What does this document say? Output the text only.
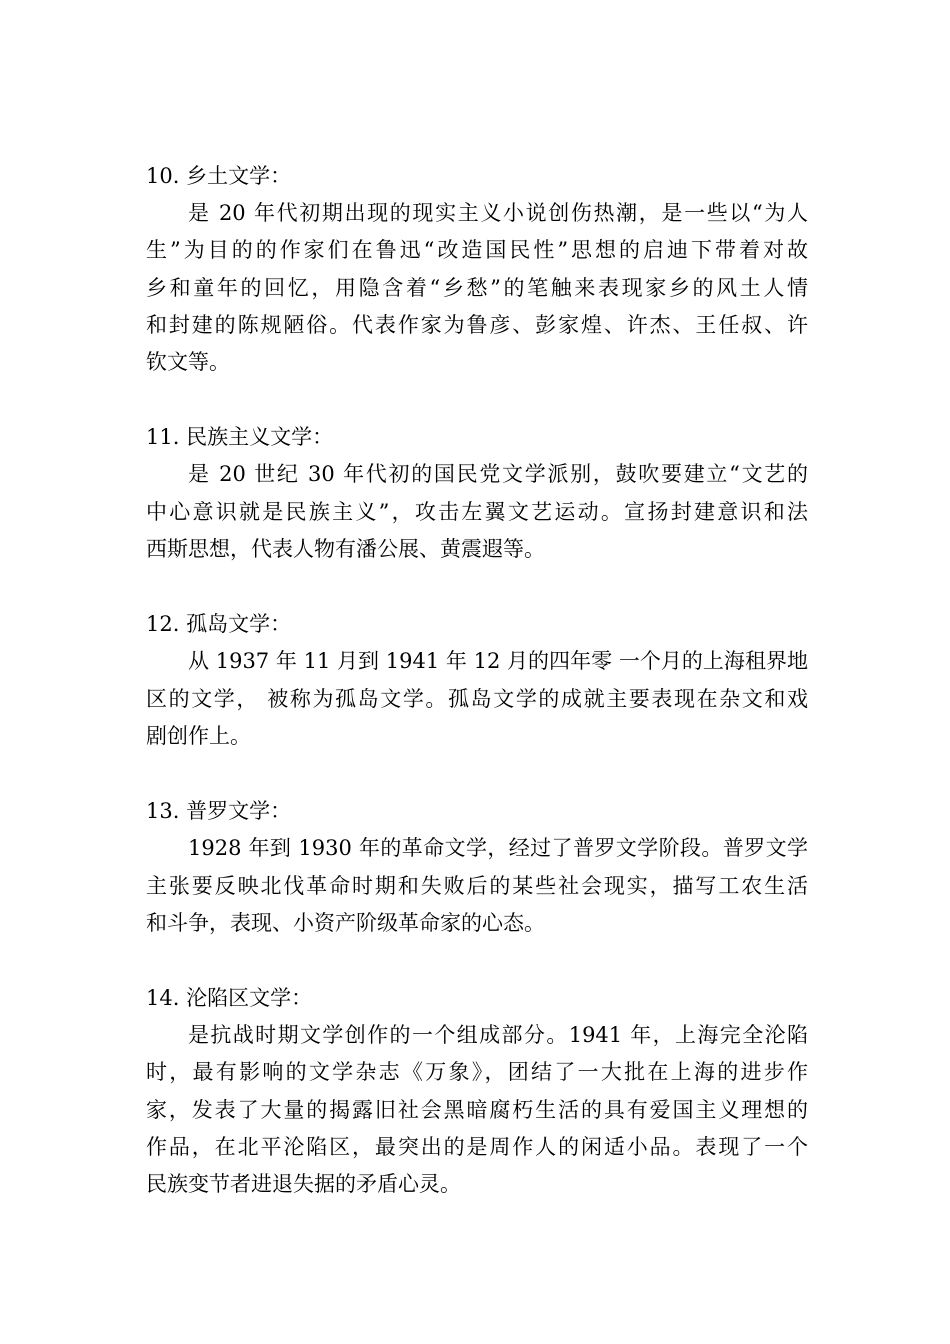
10. 乡土文学：

是 20 年代初期出现的现实主义小说创伤热潮，是一些以“为人

生”为目的的作家们在鲁迅“改造国民性”思想的启迪下带着对故

乡和童年的回忆，用隐含着“乡愁”的笔触来表现家乡的风土人情

和封建的陈规陋俗。代表作家为鲁彦、彭家煌、许杰、王任叔、许

钦文等。

11. 民族主义文学：

是 20 世纪 30 年代初的国民党文学派别，鼓吹要建立“文艺的

中心意识就是民族主义”，攻击左翼文艺运动。宣扬封建意识和法

西斯思想，代表人物有潘公展、黄震遐等。

12. 孤岛文学：

从 1937 年 11 月到 1941 年 12 月的四年零 一个月的上海租界地

区的文学， 被称为孤岛文学。孤岛文学的成就主要表现在杂文和戏

剧创作上。

13. 普罗文学：

1928 年到 1930 年的革命文学，经过了普罗文学阶段。普罗文学

主张要反映北伐革命时期和失败后的某些社会现实，描写工农生活

和斗争，表现、小资产阶级革命家的心态。

14. 沦陷区文学：

是抗战时期文学创作的一个组成部分。1941 年，上海完全沦陷

时，最有影响的文学杂志《万象》，团结了一大批在上海的进步作

家，发表了大量的揭露旧社会黑暗腐朽生活的具有爱国主义理想的

作品，在北平沦陷区，最突出的是周作人的闲适小品。表现了一个

民族变节者进退失据的矛盾心灵。
